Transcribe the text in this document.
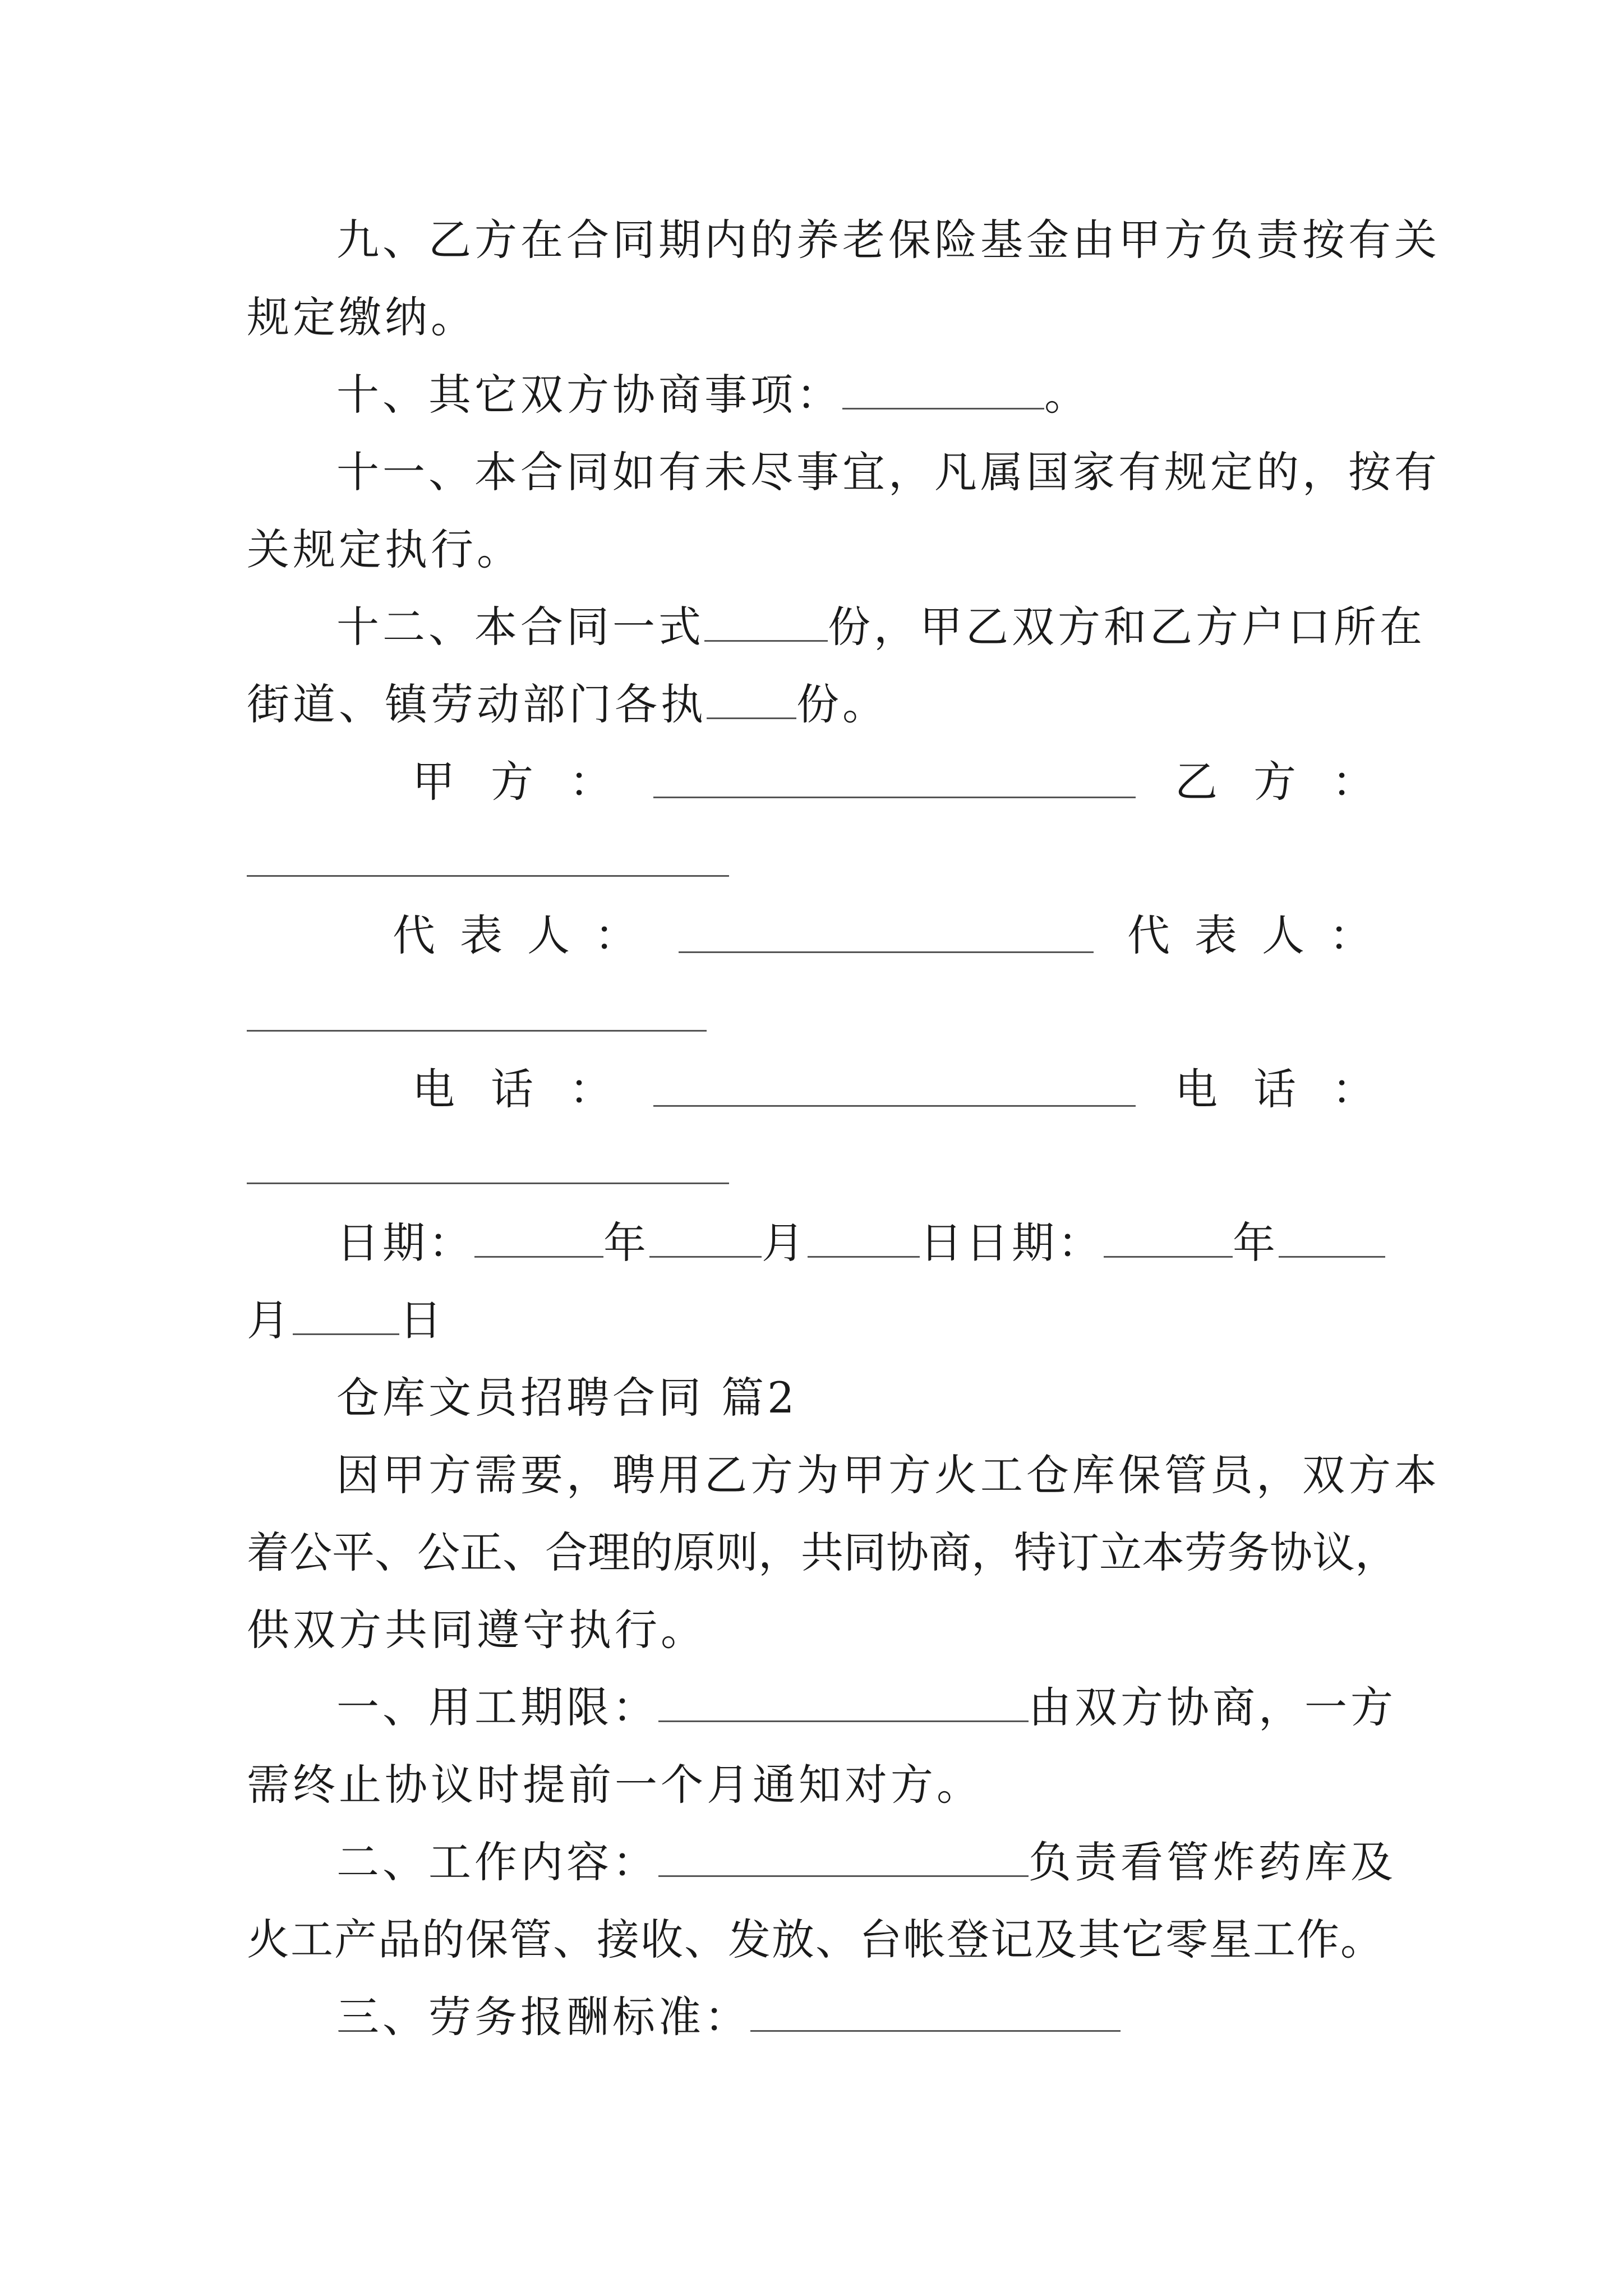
九、乙方在合同期内的养老保险基金由甲方负责按有关
规定缴纳。
十、其它双方协商事项：	。
十一、本合同如有未尽事宜，凡属国家有规定的，按有
关规定执行。
十二、本合同一式	份，甲乙双方和乙方户口所在
街道、镇劳动部门各执 份。
甲方：	乙方：
代表人：	代表人：
电话：	电话：
日期：	年	月	日日期：	年
月	日
仓库文员招聘合同 篇2
因甲方需要，聘用乙方为甲方火工仓库保管员，双方本
着公平、公正、合理的原则，共同协商，特订立本劳务协议，
供双方共同遵守执行。
一、用工期限：	由双方协商，一方
需终止协议时提前一个月通知对方。
二、工作内容：	负责看管炸药库及
火工产品的保管、接收、发放、台帐登记及其它零星工作。
三、劳务报酬标准：
